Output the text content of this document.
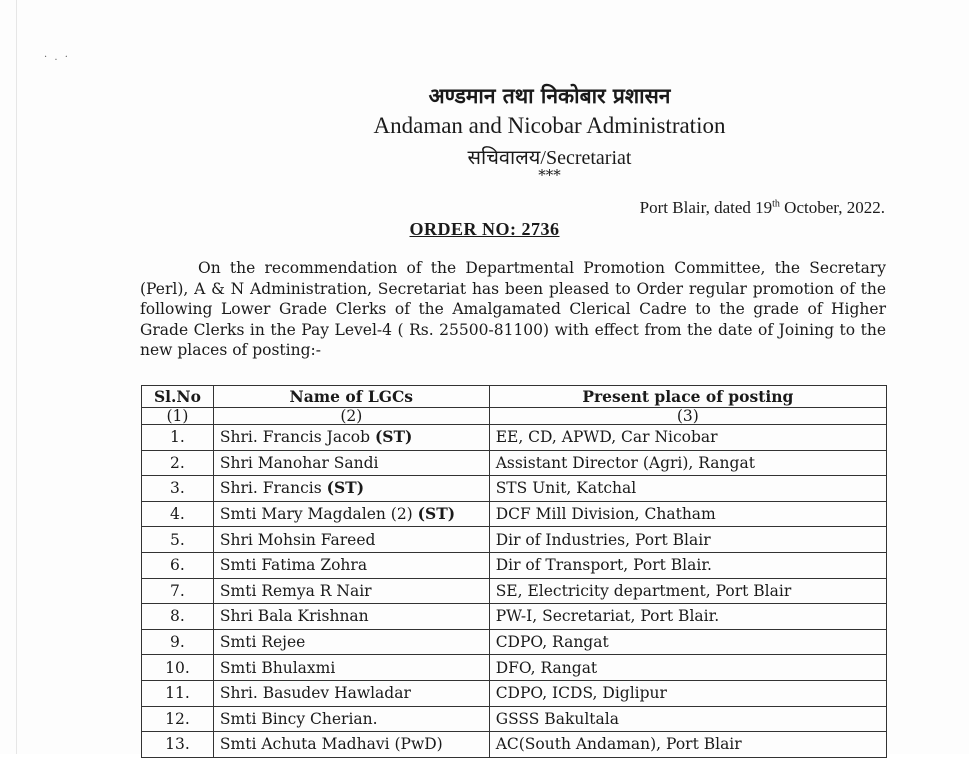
· . ·
अण्डमान तथा निकोबार प्रशासन
Andaman and Nicobar Administration
सचिवालय/Secretariat
***
Port Blair, dated 19th October, 2022.
ORDER NO: 2736
On the recommendation of the Departmental Promotion Committee, the Secretary (Perl), A & N Administration, Secretariat has been pleased to Order regular promotion of the following Lower Grade Clerks of the Amalgamated Clerical Cadre to the grade of Higher Grade Clerks in the Pay Level-4 ( Rs. 25500-81100) with effect from the date of Joining to the new places of posting:-
Sl.No	Name of LGCs	Present place of posting
(1)	(2)	(3)
1.	Shri. Francis Jacob (ST)	EE, CD, APWD, Car Nicobar
2.	Shri Manohar Sandi	Assistant Director (Agri), Rangat
3.	Shri. Francis (ST)	STS Unit, Katchal
4.	Smti Mary Magdalen (2) (ST)	DCF Mill Division, Chatham
5.	Shri Mohsin Fareed	Dir of Industries, Port Blair
6.	Smti Fatima Zohra	Dir of Transport, Port Blair.
7.	Smti Remya R Nair	SE, Electricity department, Port Blair
8.	Shri Bala Krishnan	PW-I, Secretariat, Port Blair.
9.	Smti Rejee	CDPO, Rangat
10.	Smti Bhulaxmi	DFO, Rangat
11.	Shri. Basudev Hawladar	CDPO, ICDS, Diglipur
12.	Smti Bincy Cherian.	GSSS Bakultala
13.	Smti Achuta Madhavi (PwD)	AC(South Andaman), Port Blair
